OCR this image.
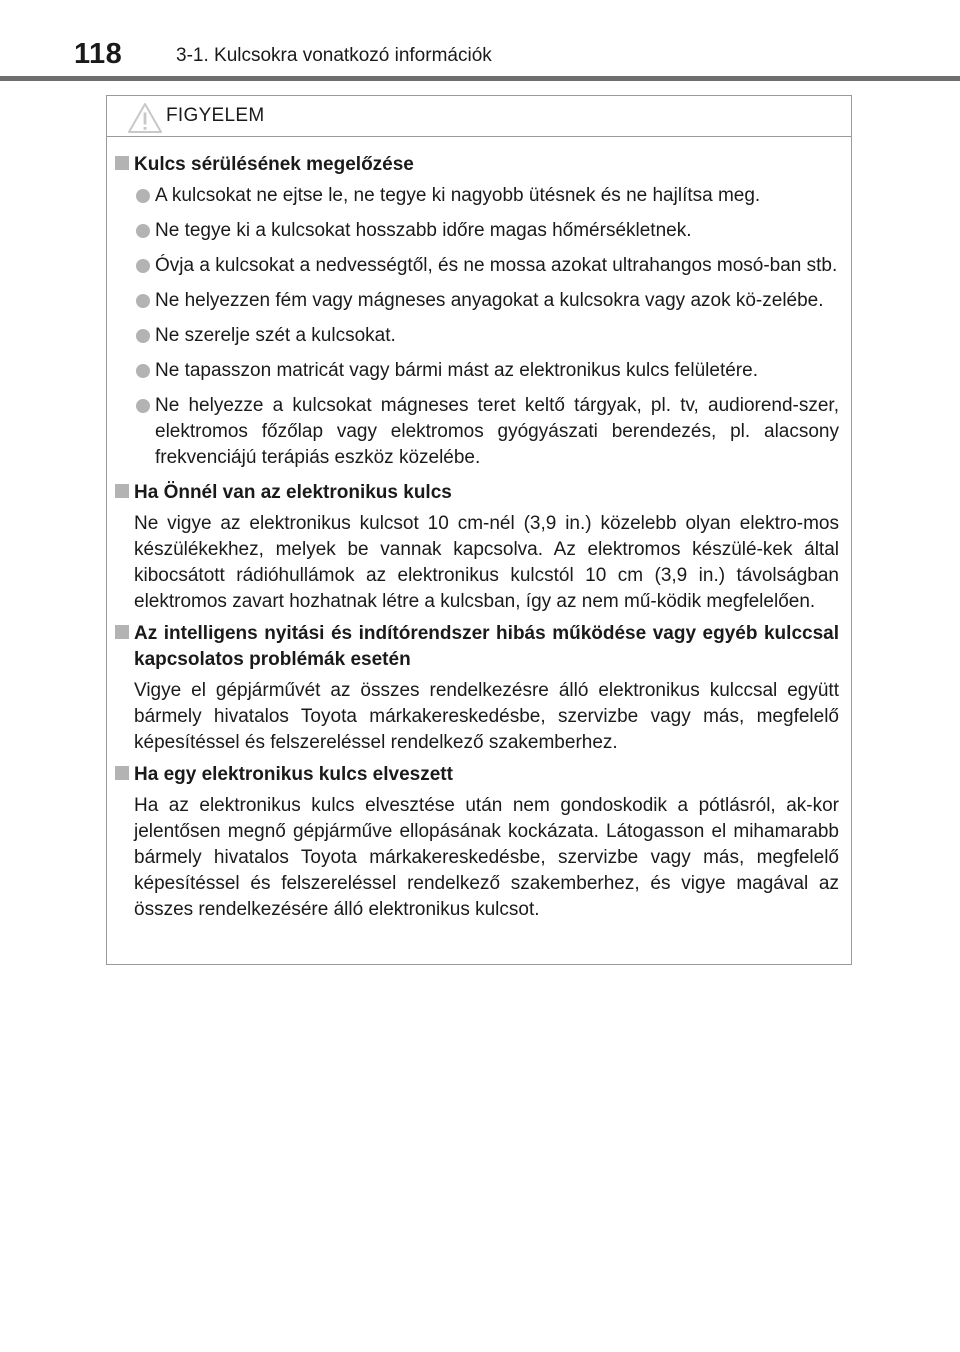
118	3-1. Kulcsokra vonatkozó információk
FIGYELEM
Kulcs sérülésének megelőzése
A kulcsokat ne ejtse le, ne tegye ki nagyobb ütésnek és ne hajlítsa meg.
Ne tegye ki a kulcsokat hosszabb időre magas hőmérsékletnek.
Óvja a kulcsokat a nedvességtől, és ne mossa azokat ultrahangos mosó-ban stb.
Ne helyezzen fém vagy mágneses anyagokat a kulcsokra vagy azok kö-zelébe.
Ne szerelje szét a kulcsokat.
Ne tapasszon matricát vagy bármi mást az elektronikus kulcs felületére.
Ne helyezze a kulcsokat mágneses teret keltő tárgyak, pl. tv, audiorend-szer, elektromos főzőlap vagy elektromos gyógyászati berendezés, pl. alacsony frekvenciájú terápiás eszköz közelébe.
Ha Önnél van az elektronikus kulcs
Ne vigye az elektronikus kulcsot 10 cm-nél (3,9 in.) közelebb olyan elektro-mos készülékekhez, melyek be vannak kapcsolva. Az elektromos készülé-kek által kibocsátott rádióhullámok az elektronikus kulcstól 10 cm (3,9 in.) távolságban elektromos zavart hozhatnak létre a kulcsban, így az nem mű-ködik megfelelően.
Az intelligens nyitási és indítórendszer hibás működése vagy egyéb kulccsal kapcsolatos problémák esetén
Vigye el gépjárművét az összes rendelkezésre álló elektronikus kulccsal együtt bármely hivatalos Toyota márkakereskedésbe, szervizbe vagy más, megfelelő képesítéssel és felszereléssel rendelkező szakemberhez.
Ha egy elektronikus kulcs elveszett
Ha az elektronikus kulcs elvesztése után nem gondoskodik a pótlásról, ak-kor jelentősen megnő gépjárműve ellopásának kockázata. Látogasson el mihamarabb bármely hivatalos Toyota márkakereskedésbe, szervizbe vagy más, megfelelő képesítéssel és felszereléssel rendelkező szakemberhez, és vigye magával az összes rendelkezésére álló elektronikus kulcsot.
